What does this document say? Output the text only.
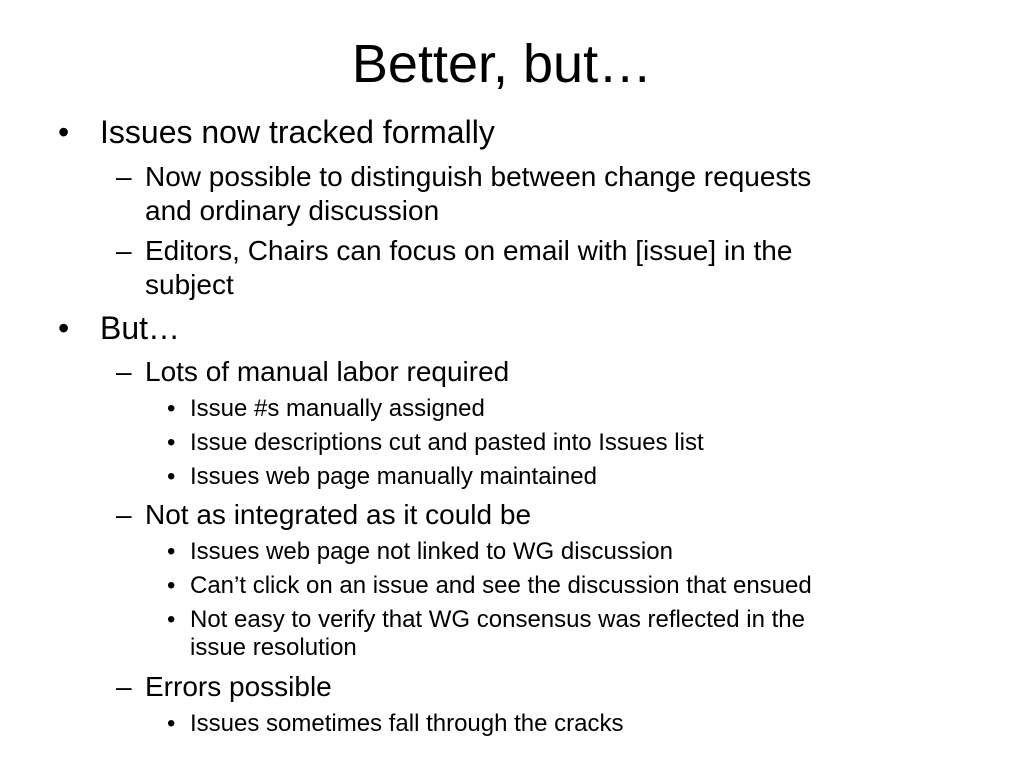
Better, but…
• Issues now tracked formally
– Now possible to distinguish between change requests
and ordinary discussion
– Editors, Chairs can focus on email with [issue] in the
subject
• But…
– Lots of manual labor required
• Issue #s manually assigned
• Issue descriptions cut and pasted into Issues list
• Issues web page manually maintained
– Not as integrated as it could be
• Issues web page not linked to WG discussion
• Can’t click on an issue and see the discussion that ensued
• Not easy to verify that WG consensus was reflected in the
issue resolution
– Errors possible
• Issues sometimes fall through the cracks
